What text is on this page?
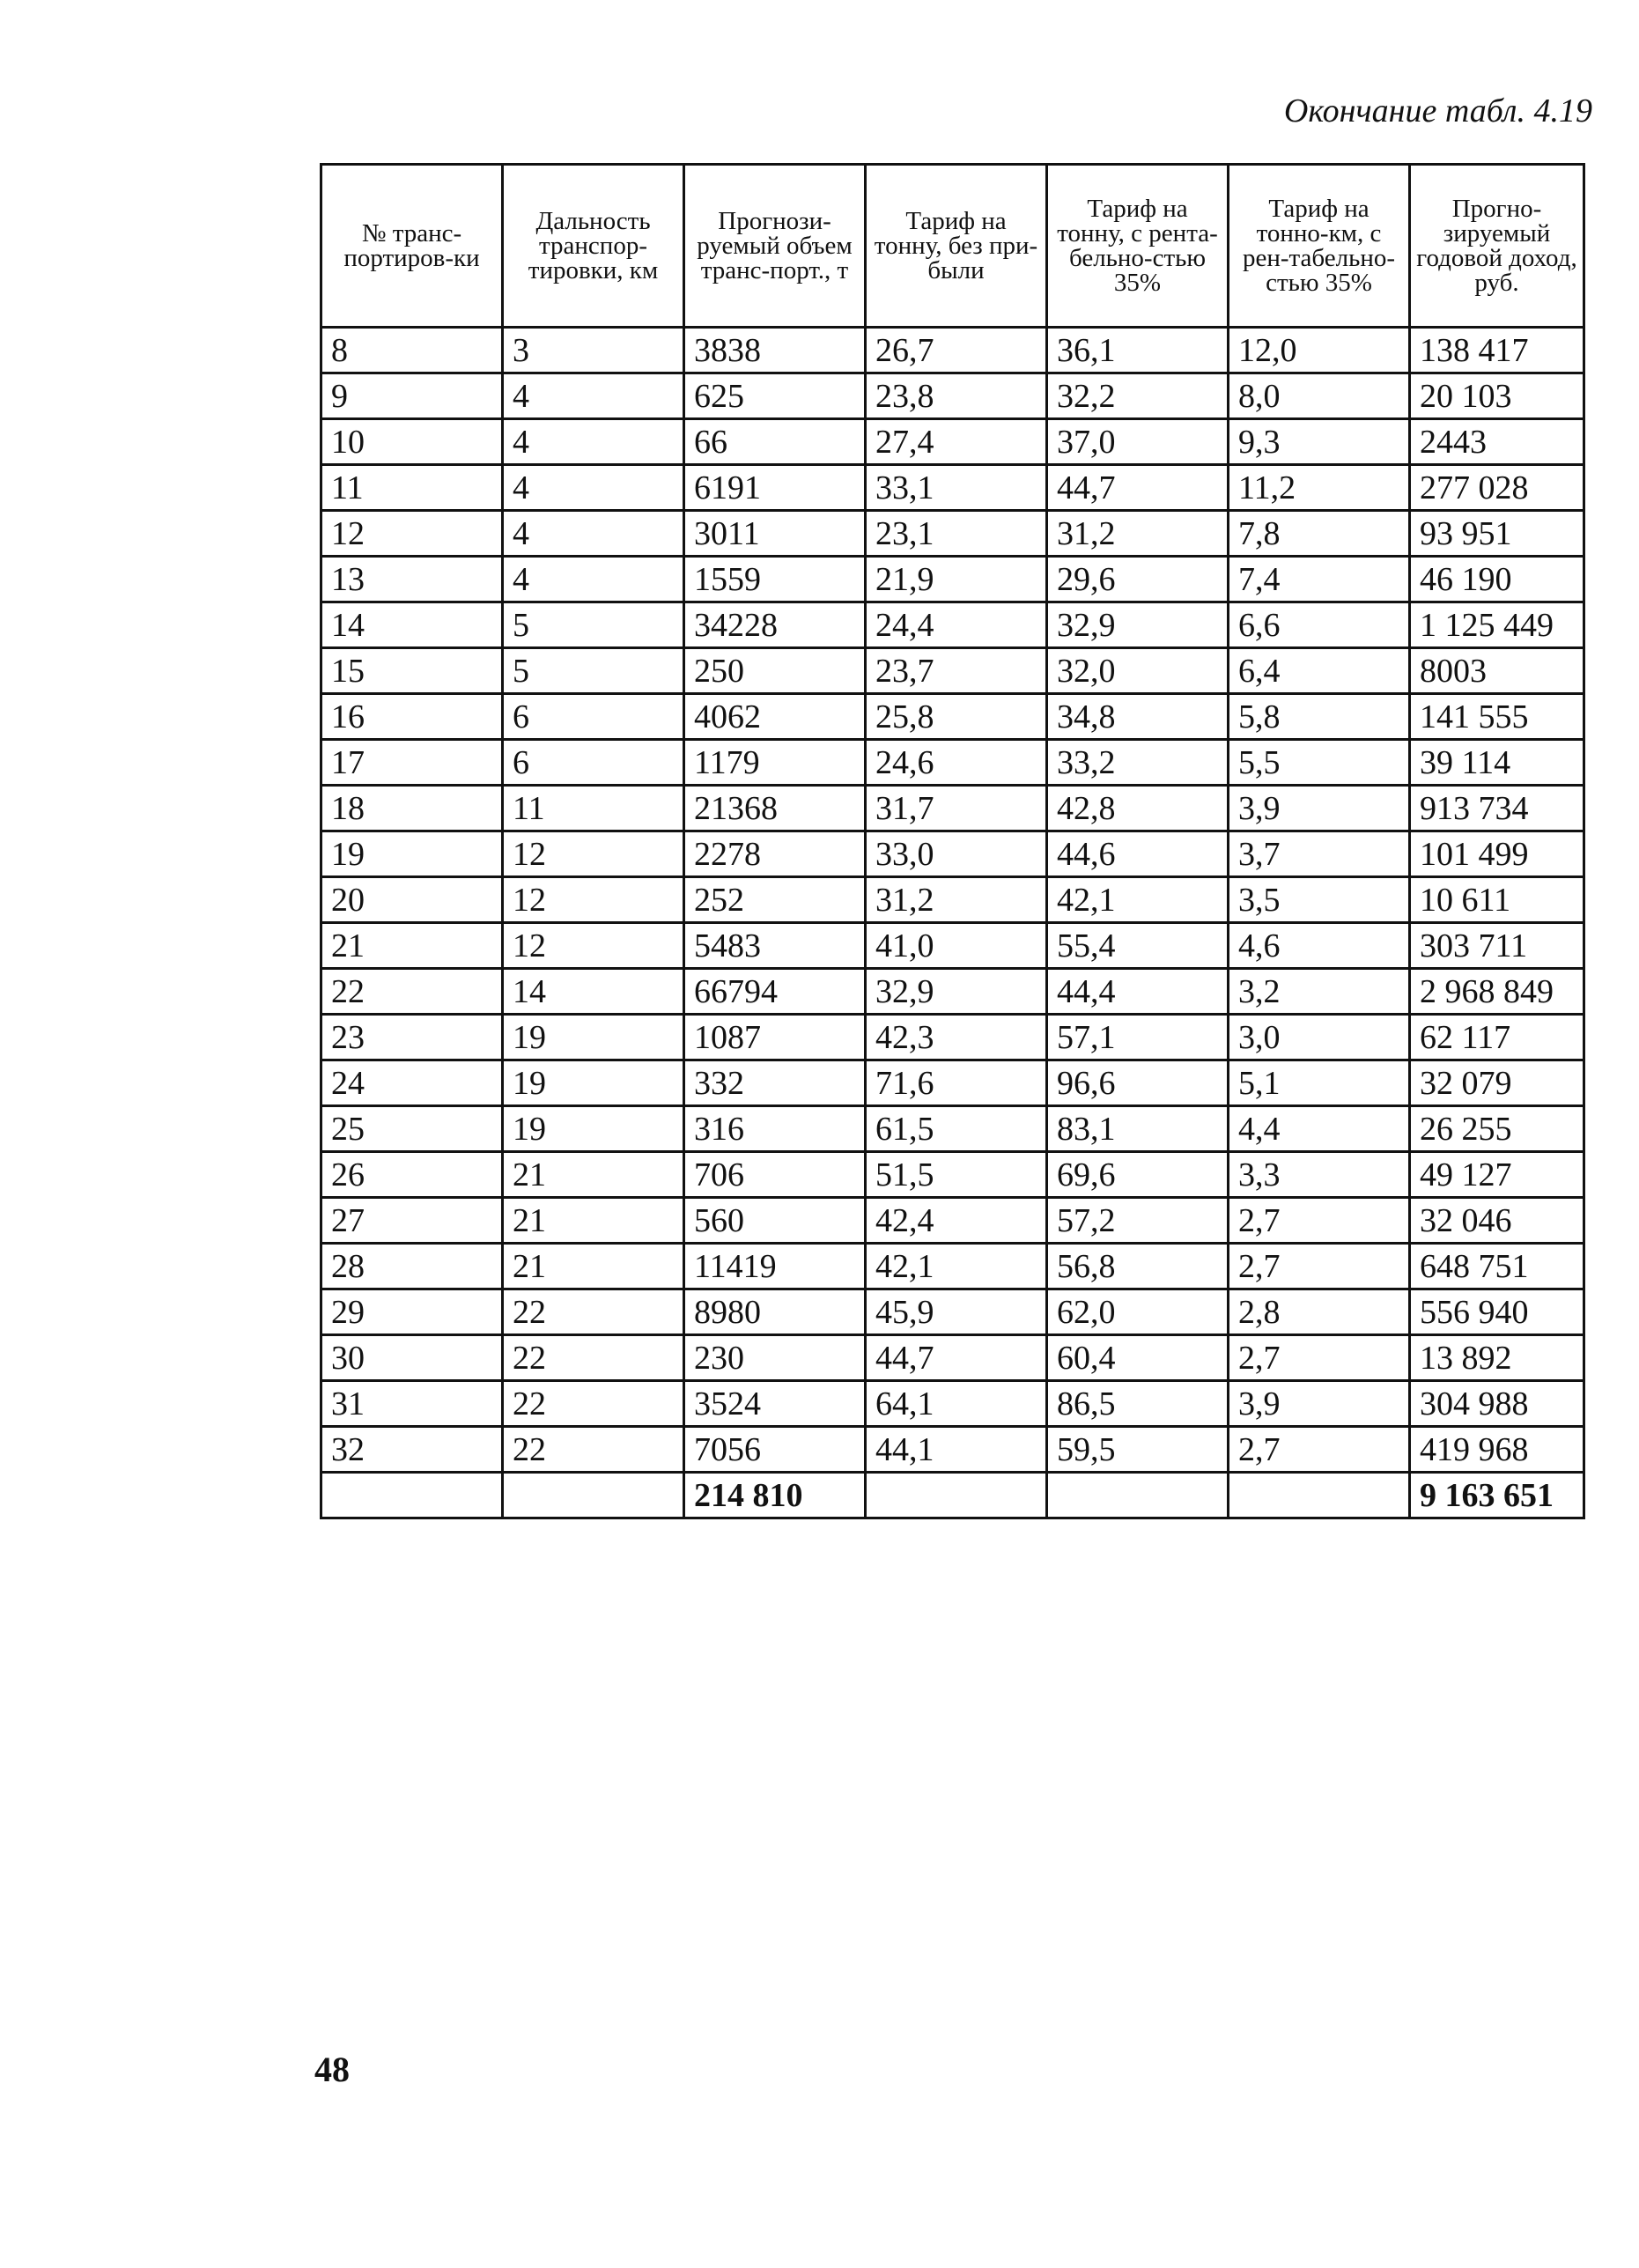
Окончание табл. 4.19
№ транс-портиров-ки	Дальность транспор-тировки, км	Прогнози-руемый объем транс-порт., т	Тариф на тонну, без при-были	Тариф на тонну, с рента-бельно-стью 35%	Тариф на тонно-км, с рен-табельно-стью 35%	Прогно-зируемый годовой доход, руб.
8	3	3838	26,7	36,1	12,0	138 417
9	4	625	23,8	32,2	8,0	20 103
10	4	66	27,4	37,0	9,3	2443
11	4	6191	33,1	44,7	11,2	277 028
12	4	3011	23,1	31,2	7,8	93 951
13	4	1559	21,9	29,6	7,4	46 190
14	5	34228	24,4	32,9	6,6	1 125 449
15	5	250	23,7	32,0	6,4	8003
16	6	4062	25,8	34,8	5,8	141 555
17	6	1179	24,6	33,2	5,5	39 114
18	11	21368	31,7	42,8	3,9	913 734
19	12	2278	33,0	44,6	3,7	101 499
20	12	252	31,2	42,1	3,5	10 611
21	12	5483	41,0	55,4	4,6	303 711
22	14	66794	32,9	44,4	3,2	2 968 849
23	19	1087	42,3	57,1	3,0	62 117
24	19	332	71,6	96,6	5,1	32 079
25	19	316	61,5	83,1	4,4	26 255
26	21	706	51,5	69,6	3,3	49 127
27	21	560	42,4	57,2	2,7	32 046
28	21	11419	42,1	56,8	2,7	648 751
29	22	8980	45,9	62,0	2,8	556 940
30	22	230	44,7	60,4	2,7	13 892
31	22	3524	64,1	86,5	3,9	304 988
32	22	7056	44,1	59,5	2,7	419 968
		214 810				9 163 651
48
